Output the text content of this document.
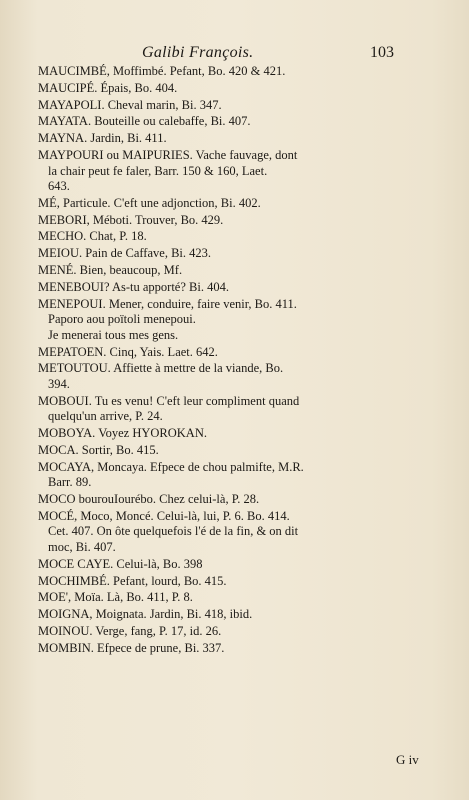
Galibi François.	103
MAUCIMBÉ, Moffimbé. Pefant, Bo. 420 & 421.
MAUCIPÉ. Épais, Bo. 404.
MAYAPOLI. Cheval marin, Bi. 347.
MAYATA. Bouteille ou calebaffe, Bi. 407.
MAYNA. Jardin, Bi. 411.
MAYPOURI ou MAIPURIES. Vache fauvage, dont
la chair peut fe faler, Barr. 150 & 160, Laet.
643.
MÉ, Particule. C'eft une adjonction, Bi. 402.
MEBORI, Méboti. Trouver, Bo. 429.
MECHO. Chat, P. 18.
MEIOU. Pain de Caffave, Bi. 423.
MENÉ. Bien, beaucoup, Mf.
MENEBOUI? As-tu apporté? Bi. 404.
MENEPOUI. Mener, conduire, faire venir, Bo. 411.
Paporo aou poïtoli menepoui.
Je menerai tous mes gens.
MEPATOEN. Cinq, Yais. Laet. 642.
METOUTOU. Affiette à mettre de la viande, Bo.
394.
MOBOUI. Tu es venu! C'eft leur compliment quand
quelqu'un arrive, P. 24.
MOBOYA. Voyez HYOROKAN.
MOCA. Sortir, Bo. 415.
MOCAYA, Moncaya. Efpece de chou palmifte, M.R.
Barr. 89.
MOCO bourouIourébo. Chez celui-là, P. 28.
MOCÉ, Moco, Moncé. Celui-là, lui, P. 6. Bo. 414.
Cet. 407. On ôte quelquefois l'é de la fin, & on dit
moc, Bi. 407.
MOCE CAYE. Celui-là, Bo. 398
MOCHIMBÉ. Pefant, lourd, Bo. 415.
MOE', Moïa. Là, Bo. 411, P. 8.
MOIGNA, Moignata. Jardin, Bi. 418, ibid.
MOINOU. Verge, fang, P. 17, id. 26.
MOMBIN. Efpece de prune, Bi. 337.
G iv
